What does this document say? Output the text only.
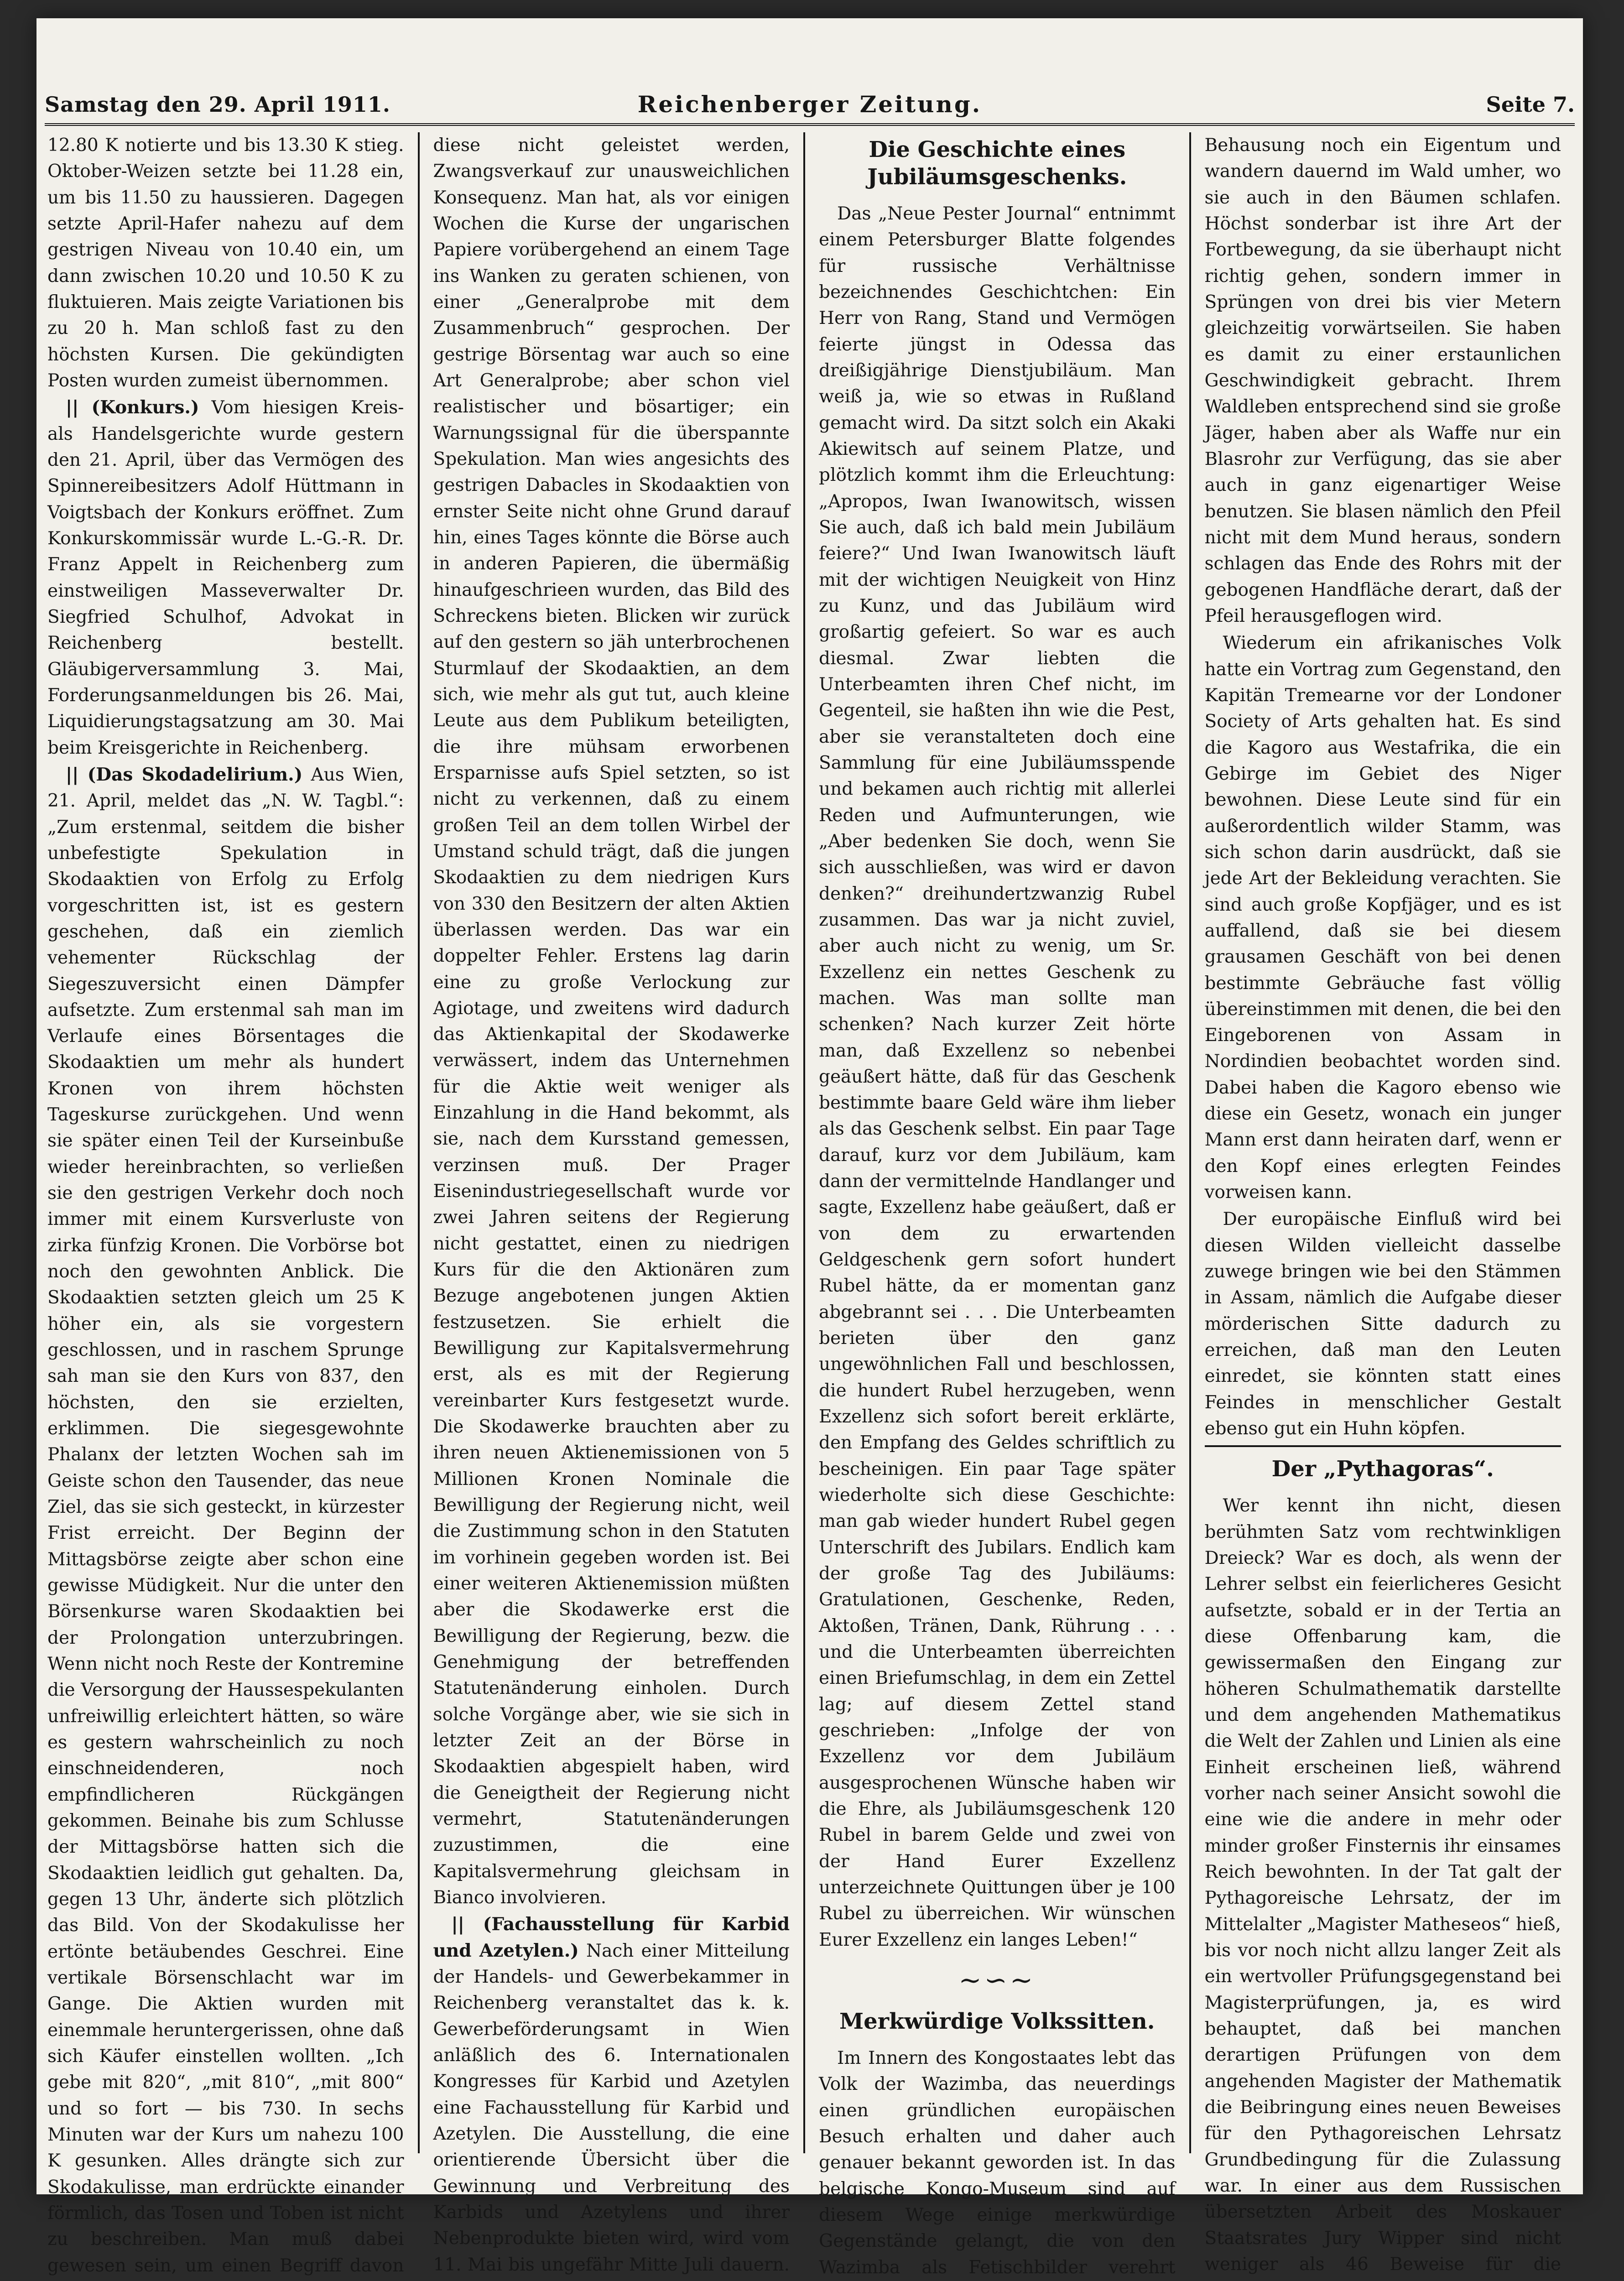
Samstag den 29. April 1911.	Reichenberger Zeitung.	Seite 7.

12.80 K notierte und bis 13.30 K stieg. Oktober-Weizen setzte bei 11.28 ein, um bis 11.50 zu haussieren. Dagegen setzte April-Hafer nahezu auf dem gestrigen Niveau von 10.40 ein, um dann zwischen 10.20 und 10.50 K zu fluktuieren. Mais zeigte Variationen bis zu 20 h. Man schloß fast zu den höchsten Kursen. Die gekündigten Posten wurden zumeist übernommen.

|| (Konkurs.) Vom hiesigen Kreis- als Handelsgerichte wurde gestern den 21. April, über das Vermögen des Spinnereibesitzers Adolf Hüttmann in Voigtsbach der Konkurs eröffnet. Zum Konkurskommissär wurde L.-G.-R. Dr. Franz Appelt in Reichenberg zum einstweiligen Masseverwalter Dr. Siegfried Schulhof, Advokat in Reichenberg bestellt. Gläubigerversammlung 3. Mai, Forderungsanmeldungen bis 26. Mai, Liquidierungstagsatzung am 30. Mai beim Kreisgerichte in Reichenberg.

|| (Das Skodadelirium.) Aus Wien, 21. April, meldet das „N. W. Tagbl.“: „Zum erstenmal, seitdem die bisher unbefestigte Spekulation in Skodaaktien von Erfolg zu Erfolg vorgeschritten ist, ist es gestern geschehen, daß ein ziemlich vehementer Rückschlag der Siegeszuversicht einen Dämpfer aufsetzte. Zum erstenmal sah man im Verlaufe eines Börsentages die Skodaaktien um mehr als hundert Kronen von ihrem höchsten Tageskurse zurückgehen. Und wenn sie später einen Teil der Kurseinbuße wieder hereinbrachten, so verließen sie den gestrigen Verkehr doch noch immer mit einem Kursverluste von zirka fünfzig Kronen. Die Vorbörse bot noch den gewohnten Anblick. Die Skodaaktien setzten gleich um 25 K höher ein, als sie vorgestern geschlossen, und in raschem Sprunge sah man sie den Kurs von 837, den höchsten, den sie erzielten, erklimmen. Die siegesgewohnte Phalanx der letzten Wochen sah im Geiste schon den Tausender, das neue Ziel, das sie sich gesteckt, in kürzester Frist erreicht. Der Beginn der Mittagsbörse zeigte aber schon eine gewisse Müdigkeit. Nur die unter den Börsenkurse waren Skodaaktien bei der Prolongation unterzubringen. Wenn nicht noch Reste der Kontremine die Versorgung der Haussespekulanten unfreiwillig erleichtert hätten, so wäre es gestern wahrscheinlich zu noch einschneidenderen, noch empfindlicheren Rückgängen gekommen. Beinahe bis zum Schlusse der Mittagsbörse hatten sich die Skodaaktien leidlich gut gehalten. Da, gegen 13 Uhr, änderte sich plötzlich das Bild. Von der Skodakulisse her ertönte betäubendes Geschrei. Eine vertikale Börsenschlacht war im Gange. Die Aktien wurden mit einemmale heruntergerissen, ohne daß sich Käufer einstellen wollten. „Ich gebe mit 820“, „mit 810“, „mit 800“ und so fort — bis 730. In sechs Minuten war der Kurs um nahezu 100 K gesunken. Alles drängte sich zur Skodakulisse, man erdrückte einander förmlich, das Tosen und Toben ist nicht zu beschreiben. Man muß dabei gewesen sein, um einen Begriff davon

diese nicht geleistet werden, Zwangsverkauf zur unausweichlichen Konsequenz. Man hat, als vor einigen Wochen die Kurse der ungarischen Papiere vorübergehend an einem Tage ins Wanken zu geraten schienen, von einer „Generalprobe mit dem Zusammenbruch“ gesprochen. Der gestrige Börsentag war auch so eine Art Generalprobe; aber schon viel realistischer und bösartiger; ein Warnungssignal für die überspannte Spekulation. Man wies angesichts des gestrigen Dabacles in Skodaaktien von ernster Seite nicht ohne Grund darauf hin, eines Tages könnte die Börse auch in anderen Papieren, die übermäßig hinaufgeschrieen wurden, das Bild des Schreckens bieten. Blicken wir zurück auf den gestern so jäh unterbrochenen Sturmlauf der Skodaaktien, an dem sich, wie mehr als gut tut, auch kleine Leute aus dem Publikum beteiligten, die ihre mühsam erworbenen Ersparnisse aufs Spiel setzten, so ist nicht zu verkennen, daß zu einem großen Teil an dem tollen Wirbel der Umstand schuld trägt, daß die jungen Skodaaktien zu dem niedrigen Kurs von 330 den Besitzern der alten Aktien überlassen werden. Das war ein doppelter Fehler. Erstens lag darin eine zu große Verlockung zur Agiotage, und zweitens wird dadurch das Aktienkapital der Skodawerke verwässert, indem das Unternehmen für die Aktie weit weniger als Einzahlung in die Hand bekommt, als sie, nach dem Kursstand gemessen, verzinsen muß. Der Prager Eisenindustriegesellschaft wurde vor zwei Jahren seitens der Regierung nicht gestattet, einen zu niedrigen Kurs für die den Aktionären zum Bezuge angebotenen jungen Aktien festzusetzen. Sie erhielt die Bewilligung zur Kapitalsvermehrung erst, als es mit der Regierung vereinbarter Kurs festgesetzt wurde. Die Skodawerke brauchten aber zu ihren neuen Aktienemissionen von 5 Millionen Kronen Nominale die Bewilligung der Regierung nicht, weil die Zustimmung schon in den Statuten im vorhinein gegeben worden ist. Bei einer weiteren Aktienemission müßten aber die Skodawerke erst die Bewilligung der Regierung, bezw. die Genehmigung der betreffenden Statutenänderung einholen. Durch solche Vorgänge aber, wie sie sich in letzter Zeit an der Börse in Skodaaktien abgespielt haben, wird die Geneigtheit der Regierung nicht vermehrt, Statutenänderungen zuzustimmen, die eine Kapitalsvermehrung gleichsam in Bianco involvieren.

|| (Fachausstellung für Karbid und Azetylen.) Nach einer Mitteilung der Handels- und Gewerbekammer in Reichenberg veranstaltet das k. k. Gewerbeförderungsamt in Wien anläßlich des 6. Internationalen Kongresses für Karbid und Azetylen eine Fachausstellung für Karbid und Azetylen. Die Ausstellung, die eine orientierende Übersicht über die Gewinnung und Verbreitung des Karbids und Azetylens und ihrer Nebenprodukte bieten wird, wird vom 11. Mai bis ungefähr Mitte Juli dauern.

Die Geschichte eines Jubiläumsgeschenks.

Das „Neue Pester Journal“ entnimmt einem Petersburger Blatte folgendes für russische Verhältnisse bezeichnendes Geschichtchen: Ein Herr von Rang, Stand und Vermögen feierte jüngst in Odessa das dreißigjährige Dienstjubiläum. Man weiß ja, wie so etwas in Rußland gemacht wird. Da sitzt solch ein Akaki Akiewitsch auf seinem Platze, und plötzlich kommt ihm die Erleuchtung: „Apropos, Iwan Iwanowitsch, wissen Sie auch, daß ich bald mein Jubiläum feiere?“ Und Iwan Iwanowitsch läuft mit der wichtigen Neuigkeit von Hinz zu Kunz, und das Jubiläum wird großartig gefeiert. So war es auch diesmal. Zwar liebten die Unterbeamten ihren Chef nicht, im Gegenteil, sie haßten ihn wie die Pest, aber sie veranstalteten doch eine Sammlung für eine Jubiläumsspende und bekamen auch richtig mit allerlei Reden und Aufmunterungen, wie „Aber bedenken Sie doch, wenn Sie sich ausschließen, was wird er davon denken?“ dreihundertzwanzig Rubel zusammen. Das war ja nicht zuviel, aber auch nicht zu wenig, um Sr. Exzellenz ein nettes Geschenk zu machen. Was man sollte man schenken? Nach kurzer Zeit hörte man, daß Exzellenz so nebenbei geäußert hätte, daß für das Geschenk bestimmte baare Geld wäre ihm lieber als das Geschenk selbst. Ein paar Tage darauf, kurz vor dem Jubiläum, kam dann der vermittelnde Handlanger und sagte, Exzellenz habe geäußert, daß er von dem zu erwartenden Geldgeschenk gern sofort hundert Rubel hätte, da er momentan ganz abgebrannt sei . . . Die Unterbeamten berieten über den ganz ungewöhnlichen Fall und beschlossen, die hundert Rubel herzugeben, wenn Exzellenz sich sofort bereit erklärte, den Empfang des Geldes schriftlich zu bescheinigen. Ein paar Tage später wiederholte sich diese Geschichte: man gab wieder hundert Rubel gegen Unterschrift des Jubilars. Endlich kam der große Tag des Jubiläums: Gratulationen, Geschenke, Reden, Aktoßen, Tränen, Dank, Rührung . . . und die Unterbeamten überreichten einen Briefumschlag, in dem ein Zettel lag; auf diesem Zettel stand geschrieben: „Infolge der von Exzellenz vor dem Jubiläum ausgesprochenen Wünsche haben wir die Ehre, als Jubiläumsgeschenk 120 Rubel in barem Gelde und zwei von der Hand Eurer Exzellenz unterzeichnete Quittungen über je 100 Rubel zu überreichen. Wir wünschen Eurer Exzellenz ein langes Leben!“

~∽~
Merkwürdige Volkssitten.

Im Innern des Kongostaates lebt das Volk der Wazimba, das neuerdings einen gründlichen europäischen Besuch erhalten und daher auch genauer bekannt geworden ist. In das belgische Kongo-Museum sind auf diesem Wege einige merkwürdige Gegenstände gelangt, die von den Wazimba als Fetischbilder verehrt

Behausung noch ein Eigentum und wandern dauernd im Wald umher, wo sie auch in den Bäumen schlafen. Höchst sonderbar ist ihre Art der Fortbewegung, da sie überhaupt nicht richtig gehen, sondern immer in Sprüngen von drei bis vier Metern gleichzeitig vorwärtseilen. Sie haben es damit zu einer erstaunlichen Geschwindigkeit gebracht. Ihrem Waldleben entsprechend sind sie große Jäger, haben aber als Waffe nur ein Blasrohr zur Verfügung, das sie aber auch in ganz eigenartiger Weise benutzen. Sie blasen nämlich den Pfeil nicht mit dem Mund heraus, sondern schlagen das Ende des Rohrs mit der gebogenen Handfläche derart, daß der Pfeil herausgeflogen wird.

Wiederum ein afrikanisches Volk hatte ein Vortrag zum Gegenstand, den Kapitän Tremearne vor der Londoner Society of Arts gehalten hat. Es sind die Kagoro aus Westafrika, die ein Gebirge im Gebiet des Niger bewohnen. Diese Leute sind für ein außerordentlich wilder Stamm, was sich schon darin ausdrückt, daß sie jede Art der Bekleidung verachten. Sie sind auch große Kopfjäger, und es ist auffallend, daß sie bei diesem grausamen Geschäft von bei denen bestimmte Gebräuche fast völlig übereinstimmen mit denen, die bei den Eingeborenen von Assam in Nordindien beobachtet worden sind. Dabei haben die Kagoro ebenso wie diese ein Gesetz, wonach ein junger Mann erst dann heiraten darf, wenn er den Kopf eines erlegten Feindes vorweisen kann.

Der europäische Einfluß wird bei diesen Wilden vielleicht dasselbe zuwege bringen wie bei den Stämmen in Assam, nämlich die Aufgabe dieser mörderischen Sitte dadurch zu erreichen, daß man den Leuten einredet, sie könnten statt eines Feindes in menschlicher Gestalt ebenso gut ein Huhn köpfen.

Der „Pythagoras“.

Wer kennt ihn nicht, diesen berühmten Satz vom rechtwinkligen Dreieck? War es doch, als wenn der Lehrer selbst ein feierlicheres Gesicht aufsetzte, sobald er in der Tertia an diese Offenbarung kam, die gewissermaßen den Eingang zur höheren Schulmathematik darstellte und dem angehenden Mathematikus die Welt der Zahlen und Linien als eine Einheit erscheinen ließ, während vorher nach seiner Ansicht sowohl die eine wie die andere in mehr oder minder großer Finsternis ihr einsames Reich bewohnten. In der Tat galt der Pythagoreische Lehrsatz, der im Mittelalter „Magister Matheseos“ hieß, bis vor noch nicht allzu langer Zeit als ein wertvoller Prüfungsgegenstand bei Magisterprüfungen, ja, es wird behauptet, daß bei manchen derartigen Prüfungen von dem angehenden Magister der Mathematik die Beibringung eines neuen Beweises für den Pythagoreischen Lehrsatz Grundbedingung für die Zulassung war. In einer aus dem Russischen übersetzten Arbeit des Moskauer Staatsrates Jury Wipper sind nicht weniger als 46 Beweise für die
